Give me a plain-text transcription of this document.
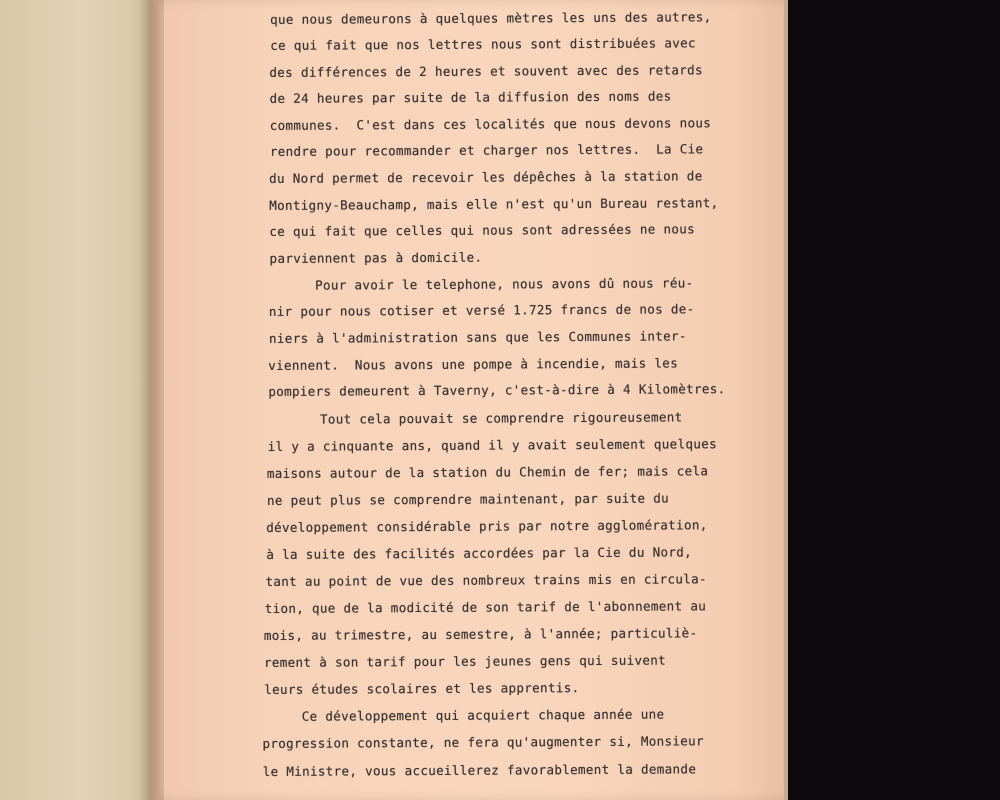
que nous demeurons à quelques mètres les uns des autres,
ce qui fait que nos lettres nous sont distribuées avec
des différences de 2 heures et souvent avec des retards
de 24 heures par suite de la diffusion des noms des
communes.  C'est dans ces localités que nous devons nous
rendre pour recommander et charger nos lettres.  La Cie
du Nord permet de recevoir les dépêches à la station de
Montigny-Beauchamp, mais elle n'est qu'un Bureau restant,
ce qui fait que celles qui nous sont adressées ne nous
parviennent pas à domicile.
Pour avoir le telephone, nous avons dû nous réu-
nir pour nous cotiser et versé 1.725 francs de nos de-
niers à l'administration sans que les Communes inter-
viennent.  Nous avons une pompe à incendie, mais les
pompiers demeurent à Taverny, c'est-à-dire à 4 Kilomètres.
Tout cela pouvait se comprendre rigoureusement
il y a cinquante ans, quand il y avait seulement quelques
maisons autour de la station du Chemin de fer; mais cela
ne peut plus se comprendre maintenant, par suite du
développement considérable pris par notre agglomération,
à la suite des facilités accordées par la Cie du Nord,
tant au point de vue des nombreux trains mis en circula-
tion, que de la modicité de son tarif de l'abonnement au
mois, au trimestre, au semestre, à l'année; particuliè-
rement à son tarif pour les jeunes gens qui suivent
leurs études scolaires et les apprentis.
Ce développement qui acquiert chaque année une
progression constante, ne fera qu'augmenter si, Monsieur
le Ministre, vous accueillerez favorablement la demande
